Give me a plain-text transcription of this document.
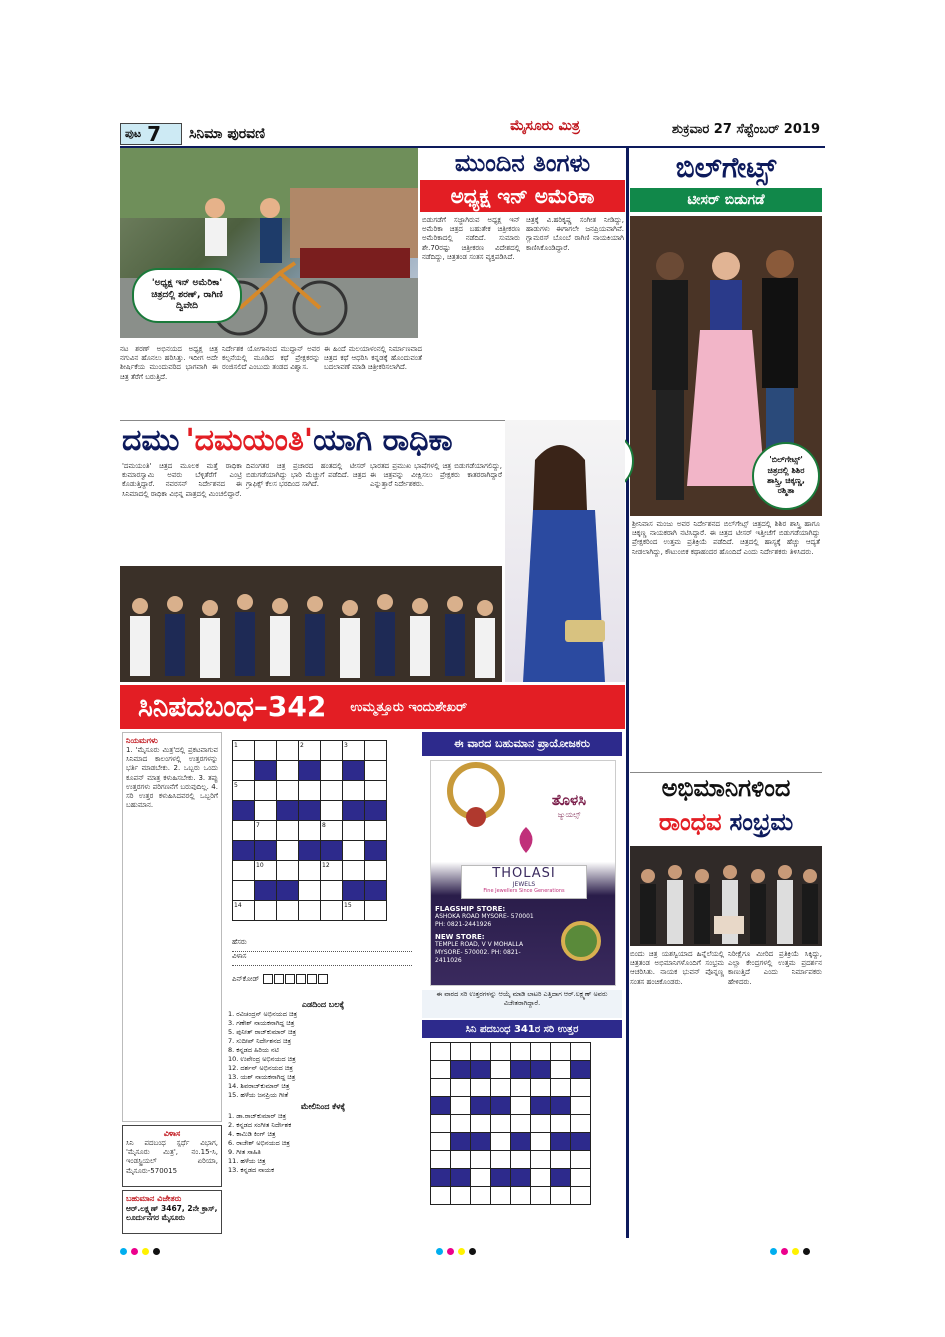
ಪುಟ 7	ಸಿನಿಮಾ ಪುರವಣಿ	ಮೈಸೂರು ಮಿತ್ರ	ಶುಕ್ರವಾರ 27 ಸೆಪ್ಟೆಂಬರ್ 2019
'ಅಧ್ಯಕ್ಷ ಇನ್ ಅಮೆರಿಕಾ' ಚಿತ್ರದಲ್ಲಿ ಶರಣ್, ರಾಗಿಣಿ ದ್ವಿವೇದಿ
ಮುಂದಿನ ತಿಂಗಳು
ಅಧ್ಯಕ್ಷ ಇನ್ ಅಮೆರಿಕಾ
ಬಿಡುಗಡೆಗೆ ಸಜ್ಜಾಗಿರುವ ಅಧ್ಯಕ್ಷ ಇನ್ ಅಮೆರಿಕಾ ಚಿತ್ರದ ಬಹುತೇಕ ಚಿತ್ರೀಕರಣ ಅಮೆರಿಕಾದಲ್ಲಿ ನಡೆದಿದೆ. ಸುಮಾರು ಶೇ.70ರಷ್ಟು ಚಿತ್ರೀಕರಣ ವಿದೇಶದಲ್ಲಿ ನಡೆದಿದ್ದು, ಚಿತ್ರತಂಡ ಸಂತಸ ವ್ಯಕ್ತಪಡಿಸಿದೆ.
ಚಿತ್ರಕ್ಕೆ ವಿ.ಹರಿಕೃಷ್ಣ ಸಂಗೀತ ನೀಡಿದ್ದು, ಹಾಡುಗಳು ಈಗಾಗಲೇ ಜನಪ್ರಿಯವಾಗಿವೆ. ಗ್ಲಾಮರಸ್ ಬೊಂಬೆ ರಾಗಿಣಿ ನಾಯಕಿಯಾಗಿ ಕಾಣಿಸಿಕೊಂಡಿದ್ದಾರೆ.
ನಟ ಶರಣ್ ಅಭಿನಯದ ಅಧ್ಯಕ್ಷ ಚಿತ್ರ ನಗುವಿನ ಹೊನಲು ಹರಿಸಿತ್ತು. ಇದೀಗ ಅದೇ ಶೀರ್ಷಿಕೆಯ ಮುಂದುವರಿದ ಭಾಗವಾಗಿ ಈ ಚಿತ್ರ ತೆರೆಗೆ ಬರುತ್ತಿದೆ.
ನಿರ್ದೇಶಕ ಯೋಗಾನಂದ ಮುದ್ದಾನ್ ಅವರ ಕಲ್ಪನೆಯಲ್ಲಿ ಮೂಡಿದ ಕಥೆ ಪ್ರೇಕ್ಷಕರನ್ನು ರಂಜಿಸಲಿದೆ ಎಂಬುದು ತಂಡದ ವಿಶ್ವಾಸ.
ಈ ಹಿಂದೆ ಮಲಯಾಳಂನಲ್ಲಿ ನಿರ್ಮಾಣವಾದ ಚಿತ್ರದ ಕಥೆ ಆಧರಿಸಿ ಕನ್ನಡಕ್ಕೆ ಹೊಂದುವಂತೆ ಬದಲಾವಣೆ ಮಾಡಿ ಚಿತ್ರೀಕರಿಸಲಾಗಿದೆ.
ಬಿಲ್‌ಗೇಟ್ಸ್
ಟೀಸರ್ ಬಿಡುಗಡೆ
'ಬಿಲ್‌ಗೇಟ್ಸ್' ಚಿತ್ರದಲ್ಲಿ ಶಿಶಿರ ಶಾಸ್ತ್ರಿ, ಚಿಕ್ಕಣ್ಣ, ರಶ್ಮಿತಾ
ಶ್ರೀನಿವಾಸ ಮಂಜು ಅವರ ನಿರ್ದೇಶನದ ಬಿಲ್‌ಗೇಟ್ಸ್ ಚಿತ್ರದಲ್ಲಿ ಶಿಶಿರ ಶಾಸ್ತ್ರಿ ಹಾಗೂ ಚಿಕ್ಕಣ್ಣ ನಾಯಕರಾಗಿ ನಟಿಸಿದ್ದಾರೆ. ಈ ಚಿತ್ರದ ಟೀಸರ್ ಇತ್ತೀಚೆಗೆ ಬಿಡುಗಡೆಯಾಗಿದ್ದು ಪ್ರೇಕ್ಷಕರಿಂದ ಉತ್ತಮ ಪ್ರತಿಕ್ರಿಯೆ ಪಡೆದಿದೆ. ಚಿತ್ರದಲ್ಲಿ ಹಾಸ್ಯಕ್ಕೆ ಹೆಚ್ಚು ಆದ್ಯತೆ ನೀಡಲಾಗಿದ್ದು, ಕೌಟುಂಬಿಕ ಕಥಾಹಂದರ ಹೊಂದಿದೆ ಎಂದು ನಿರ್ದೇಶಕರು ತಿಳಿಸಿದರು.
ದಮು 'ದಮಯಂತಿ' ಯಾಗಿ ರಾಧಿಕಾ
'ದಮಯಂತಿ' ಚಿತ್ರದ ಮೂಲಕ ಮತ್ತೆ ರಾಧಿಕಾ ಕುಮಾರಸ್ವಾಮಿ ಅವರು ಬೆಳ್ಳಿತೆರೆಗೆ ಎಂಟ್ರಿ ಕೊಡುತ್ತಿದ್ದಾರೆ. ನವರಸನ್ ನಿರ್ದೇಶನದ ಈ ಸಿನಿಮಾದಲ್ಲಿ ರಾಧಿಕಾ ವಿಭಿನ್ನ ಪಾತ್ರದಲ್ಲಿ ಮಿಂಚಲಿದ್ದಾರೆ.
ದಿವಂಗತರ ಚಿತ್ರ ಪ್ರಚಾರದ ಹಂತದಲ್ಲಿ ಟೀಸರ್ ಬಿಡುಗಡೆಯಾಗಿದ್ದು ಭಾರಿ ಮೆಚ್ಚುಗೆ ಪಡೆದಿದೆ. ಚಿತ್ರದ ಗ್ರಾಫಿಕ್ಸ್ ಕೆಲಸ ಭರದಿಂದ ಸಾಗಿದೆ.
ಭಾರತದ ಪ್ರಮುಖ ಭಾಷೆಗಳಲ್ಲಿ ಚಿತ್ರ ಬಿಡುಗಡೆಯಾಗಲಿದ್ದು, ಈ ಚಿತ್ರವನ್ನು ವೀಕ್ಷಿಸಲು ಪ್ರೇಕ್ಷಕರು ಕಾತರರಾಗಿದ್ದಾರೆ ಎನ್ನುತ್ತಾರೆ ನಿರ್ದೇಶಕರು.
ಸಿನಿಪದಬಂಧ–342 ಉಮ್ಮತ್ತೂರು ಇಂದುಶೇಖರ್
ನಿಯಮಗಳು
1. 'ಮೈಸೂರು ಮಿತ್ರ'ದಲ್ಲಿ ಪ್ರಕಟವಾಗುವ ಸಿನಿಮಾದ ಕಾಲಂಗಳಲ್ಲಿ ಉತ್ತರಗಳನ್ನು ಭರ್ತಿ ಮಾಡಬೇಕು. 2. ಒಬ್ಬರು ಒಂದು ಕೂಪನ್ ಮಾತ್ರ ಕಳುಹಿಸಬೇಕು. 3. ತಪ್ಪು ಉತ್ತರಗಳು ಪರಿಗಣನೆಗೆ ಬರುವುದಿಲ್ಲ. 4. ಸರಿ ಉತ್ತರ ಕಳುಹಿಸಿದವರಲ್ಲಿ ಒಬ್ಬರಿಗೆ ಬಹುಮಾನ.
ವಿಳಾಸ
ಸಿನಿ ಪದಬಂಧ ಸ್ಪರ್ಧೆ ವಿಭಾಗ, 'ಮೈಸೂರು ಮಿತ್ರ', ನಂ.15-ಸಿ, ಇಂಡಸ್ಟ್ರಿಯಲ್ ಏರಿಯಾ, ಮೈಸೂರು-570015
ಬಹುಮಾನ ವಿಜೇತರು
ಆರ್.ಲಕ್ಷ್ಮಣ್ 3467, 2ನೇ ಕ್ರಾಸ್, ಲೂರ್ದುನಗರ ಮೈಸೂರು
1			2		3	

5						

	7			8		

	10			12		

14					15	
ಹೆಸರು
ವಿಳಾಸ
ಪಿನ್‌ಕೋಡ್
ಎಡದಿಂದ ಬಲಕ್ಕೆ
1. ರವಿಚಂದ್ರನ್ ಅಭಿನಯದ ಚಿತ್ರ
3. ಗಣೇಶ್ ನಾಯಕನಾಗಿದ್ದ ಚಿತ್ರ
5. ಪುನೀತ್ ರಾಜ್‌ಕುಮಾರ್ ಚಿತ್ರ
7. ಸುದೀಪ್ ನಿರ್ದೇಶನದ ಚಿತ್ರ
8. ಕನ್ನಡದ ಹಿರಿಯ ನಟಿ
10. ಉಪೇಂದ್ರ ಅಭಿನಯದ ಚಿತ್ರ
12. ದರ್ಶನ್ ಅಭಿನಯದ ಚಿತ್ರ
13. ಯಶ್ ನಾಯಕನಾಗಿದ್ದ ಚಿತ್ರ
14. ಶಿವರಾಜ್‌ಕುಮಾರ್ ಚಿತ್ರ
15. ಹಳೆಯ ಜನಪ್ರಿಯ ಗೀತೆ
ಮೇಲಿನಿಂದ ಕೆಳಕ್ಕೆ
1. ಡಾ.ರಾಜ್‌ಕುಮಾರ್ ಚಿತ್ರ
2. ಕನ್ನಡದ ಸಂಗೀತ ನಿರ್ದೇಶಕ
4. ಕಾಮಿಡಿ ಕಿಂಗ್ ಚಿತ್ರ
6. ರಾಜೇಶ್ ಅಭಿನಯದ ಚಿತ್ರ
9. ಗೀತ ಸಾಹಿತಿ
11. ಹಳೆಯ ಚಿತ್ರ
13. ಕನ್ನಡದ ನಾಯಕ
ಈ ವಾರದ ಬಹುಮಾನ ಪ್ರಾಯೋಜಕರು
ತೊಳಸಿ
ಜ್ಯುಯಲ್ಸ್
THOLASI
JEWELS
Fine Jewellers Since Generations
FLAGSHIP STORE:
ASHOKA ROAD MYSORE- 570001 PH: 0821-2441926
NEW STORE:
TEMPLE ROAD, V V MOHALLA MYSORE- 570002. PH: 0821-2411026
ಈ ವಾರದ ಸರಿ ಉತ್ತರಗಳನ್ನು ಆಯ್ಕೆ ಮಾಡಿ ಲಾಟರಿ ಎತ್ತಿದಾಗ ಆರ್.ಲಕ್ಷ್ಮಣ್ ಅವರು ವಿಜೇತರಾಗಿದ್ದಾರೆ.
ಸಿನಿ ಪದಬಂಧ 341ರ ಸರಿ ಉತ್ತರ

ಅಭಿಮಾನಿಗಳಿಂದ
ರಾಂಧವ ಸಂಭ್ರಮ
ಬಿಂದು ಚಿತ್ರ ಯಶಸ್ವಿಯಾದ ಹಿನ್ನೆಲೆಯಲ್ಲಿ ಚಿತ್ರತಂಡ ಅಭಿಮಾನಿಗಳೊಂದಿಗೆ ಸಂಭ್ರಮ ಆಚರಿಸಿತು. ನಾಯಕ ಭುವನ್ ಪೊನ್ನಣ್ಣ ಸಂತಸ ಹಂಚಿಕೊಂಡರು.
ನಿರೀಕ್ಷೆಗೂ ಮೀರಿದ ಪ್ರತಿಕ್ರಿಯೆ ಸಿಕ್ಕಿದ್ದು, ಎಲ್ಲಾ ಕೇಂದ್ರಗಳಲ್ಲಿ ಉತ್ತಮ ಪ್ರದರ್ಶನ ಕಾಣುತ್ತಿದೆ ಎಂದು ನಿರ್ಮಾಪಕರು ಹೇಳಿದರು.
